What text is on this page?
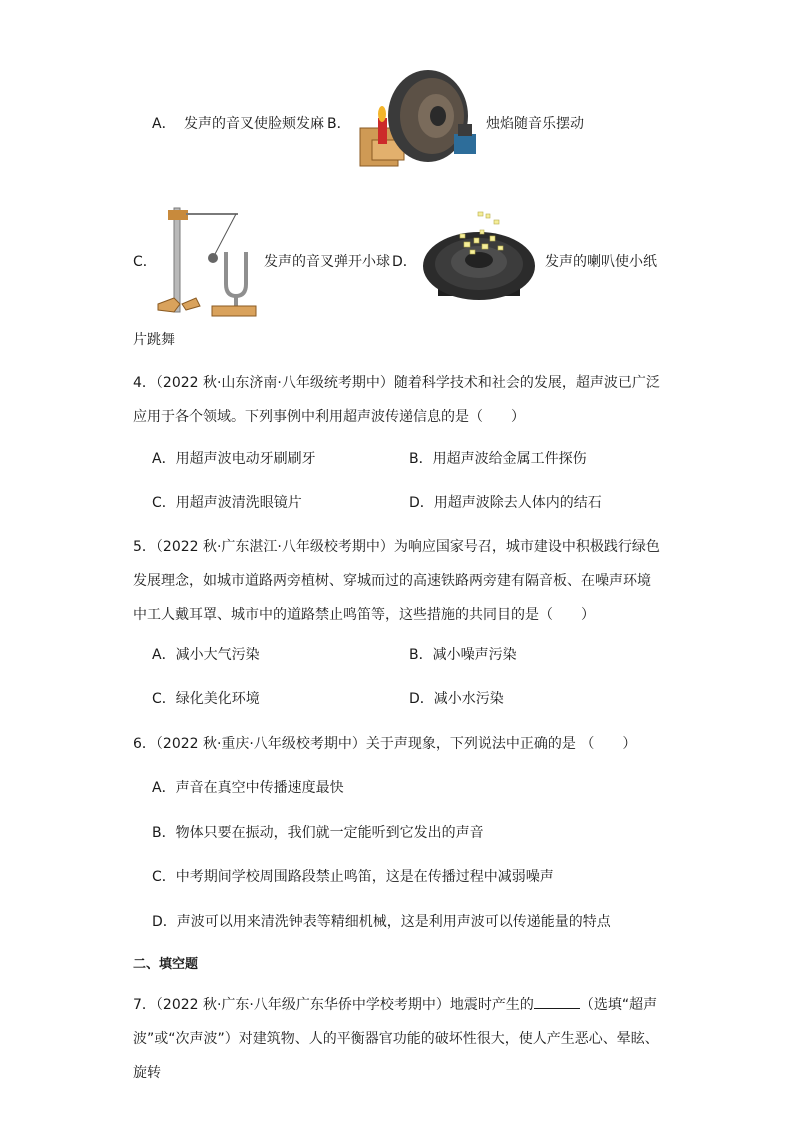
A． 发声的音叉使脸颊发麻 B．	烛焰随音乐摆动
C．	发声的音叉弹开小球 D．	发声的喇叭使小纸
片跳舞
4．（2022 秋·山东济南·八年级统考期中）随着科学技术和社会的发展，超声波已广泛应用于各个领域。下列事例中利用超声波传递信息的是（　　）
A．用超声波电动牙刷刷牙	B．用超声波给金属工件探伤
C．用超声波清洗眼镜片	D．用超声波除去人体内的结石
5．（2022 秋·广东湛江·八年级校考期中）为响应国家号召，城市建设中积极践行绿色发展理念，如城市道路两旁植树、穿城而过的高速铁路两旁建有隔音板、在噪声环境中工人戴耳罩、城市中的道路禁止鸣笛等，这些措施的共同目的是（　　）
A．减小大气污染	B．减小噪声污染
C．绿化美化环境	D．减小水污染
6．（2022 秋·重庆·八年级校考期中）关于声现象，下列说法中正确的是 （　　）
A．声音在真空中传播速度最快
B．物体只要在振动，我们就一定能听到它发出的声音
C．中考期间学校周围路段禁止鸣笛，这是在传播过程中减弱噪声
D．声波可以用来清洗钟表等精细机械，这是利用声波可以传递能量的特点
二、填空题
7．（2022 秋·广东·八年级广东华侨中学校考期中）地震时产生的	（选填“超声波”或“次声波”）对建筑物、人的平衡器官功能的破坏性很大，使人产生恶心、晕眩、旋转
